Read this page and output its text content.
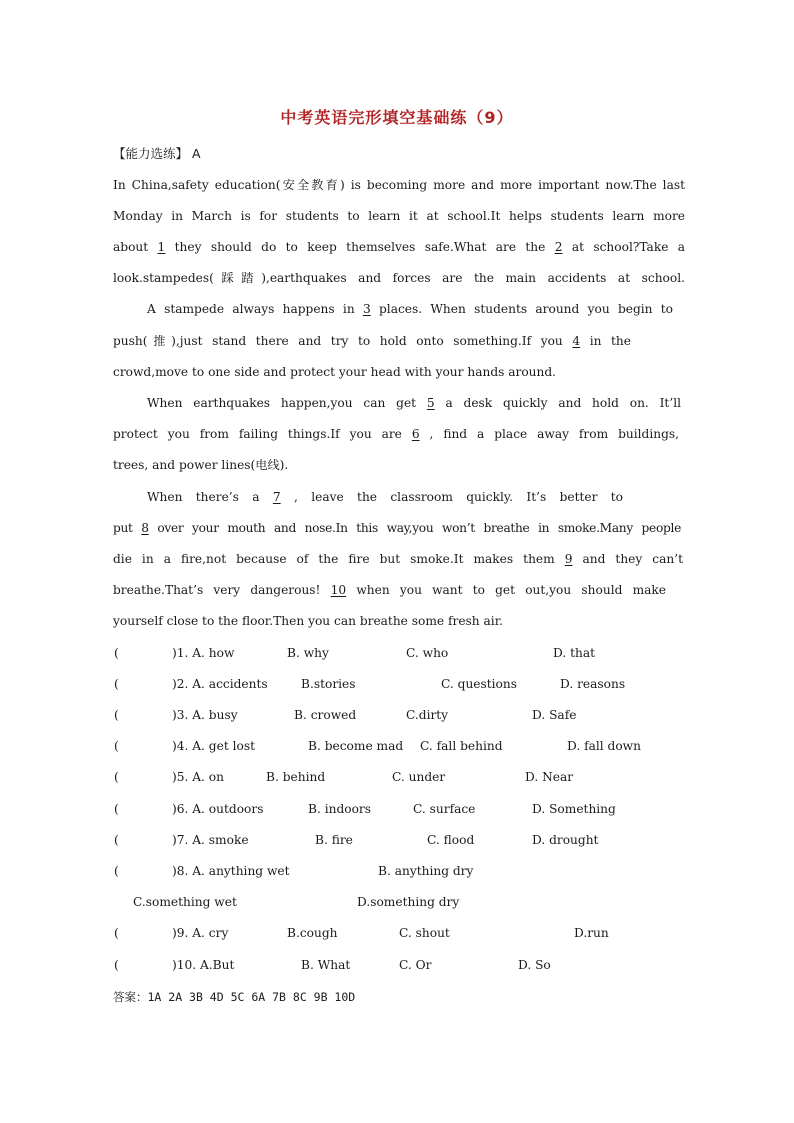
中考英语完形填空基础练（9）
【能力选练】 A
In China,safety education(安全教育) is becoming more and more important now.The last
Monday in March is for students to learn it at school.It helps students learn more
about 1 they should do to keep themselves safe.What are the 2 at school?Take a
look.stampedes(踩踏),earthquakes and forces are the main accidents at school.
A stampede always happens in 3 places. When students around you begin to
push(推),just stand there and try to hold onto something.If you 4 in the
crowd,move to one side and protect your head with your hands around.
When earthquakes happen,you can get 5 a desk quickly and hold on. It’ll
protect you from failing things.If you are 6 , find a place away from buildings,
trees, and power lines(电线).
When there’s a 7 , leave the classroom quickly. It’s better to
put 8 over your mouth and nose.In this way,you won’t breathe in smoke.Many people
die in a fire,not because of the fire but smoke.It makes them 9 and they can’t
breathe.That’s very dangerous! 10 when you want to get out,you should make
yourself close to the floor.Then you can breathe some fresh air.
(	)1. A. how	B. why	C. who	D. that
(	)2. A. accidents	B.stories	C. questions	D. reasons
(	)3. A. busy	B. crowed	C.dirty	D. Safe
(	)4. A. get lost	B. become mad C. fall behind	D. fall down
(	)5. A. on	B. behind	C. under	D. Near
(	)6. A. outdoors	B. indoors	C. surface	D. Something
(	)7. A. smoke	B. fire	C. flood	D. drought
(	)8. A. anything wet	B. anything dry
C.something wet	D.something dry
(	)9. A. cry	B.cough	C. shout	D.run
(	)10. A.But	B. What	C. Or	D. So
答案：1A 2A 3B 4D 5C 6A 7B 8C 9B 10D
